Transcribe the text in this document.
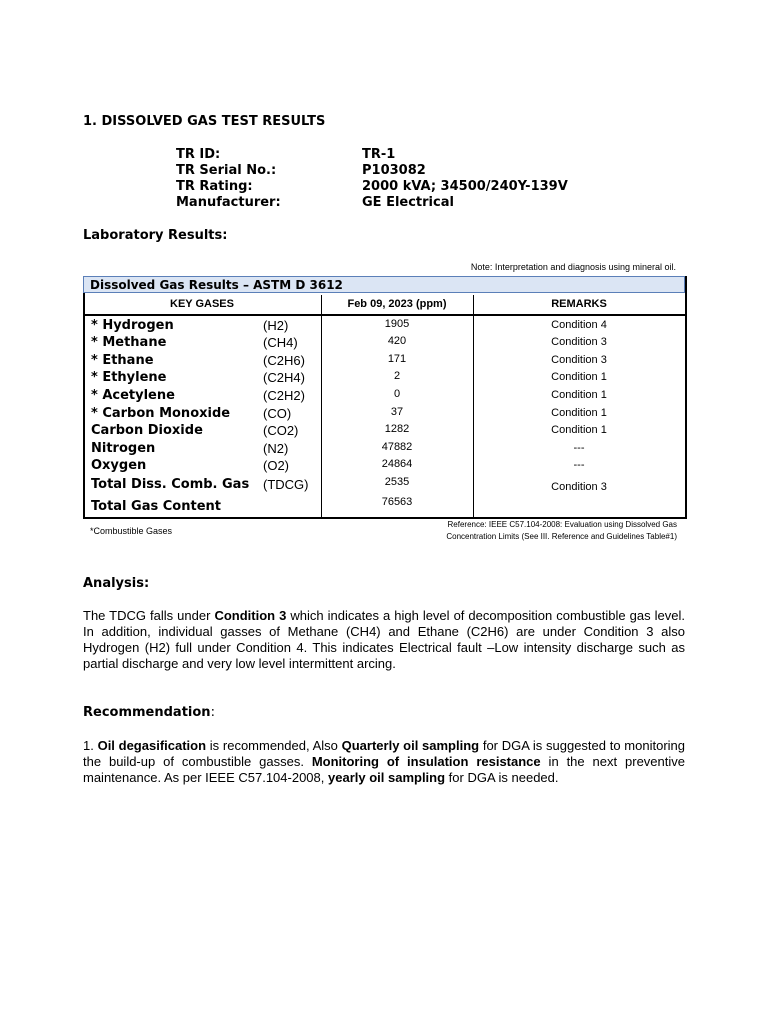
1. DISSOLVED GAS TEST RESULTS
TR ID:	TR-1
TR Serial No.:	P103082
TR Rating:	2000 kVA; 34500/240Y-139V
Manufacturer:	GE Electrical
Laboratory Results:
Note: Interpretation and diagnosis using mineral oil.
Dissolved Gas Results – ASTM D 3612
KEY GASES	Feb 09, 2023 (ppm)	REMARKS
* Hydrogen	(H2)	1905	Condition 4
* Methane	(CH4)	420	Condition 3
* Ethane	(C2H6)	171	Condition 3
* Ethylene	(C2H4)	2	Condition 1
* Acetylene	(C2H2)	0	Condition 1
* Carbon Monoxide	(CO)	37	Condition 1
Carbon Dioxide	(CO2)	1282	Condition 1
Nitrogen	(N2)	47882	---
Oxygen	(O2)	24864	---
Total Diss. Comb. Gas (TDCG)	2535	Condition 3
Total Gas Content	76563
*Combustible Gases
Reference: IEEE C57.104-2008: Evaluation using Dissolved Gas
Concentration Limits (See III. Reference and Guidelines Table#1)
Analysis:
The TDCG falls under Condition 3 which indicates a high level of decomposition combustible gas level. In addition, individual gasses of Methane (CH4) and Ethane (C2H6) are under Condition 3 also Hydrogen (H2) full under Condition 4. This indicates Electrical fault –Low intensity discharge such as partial discharge and very low level intermittent arcing.
Recommendation:
1. Oil degasification is recommended, Also Quarterly oil sampling for DGA is suggested to monitoring the build-up of combustible gasses. Monitoring of insulation resistance in the next preventive maintenance. As per IEEE C57.104-2008, yearly oil sampling for DGA is needed.
